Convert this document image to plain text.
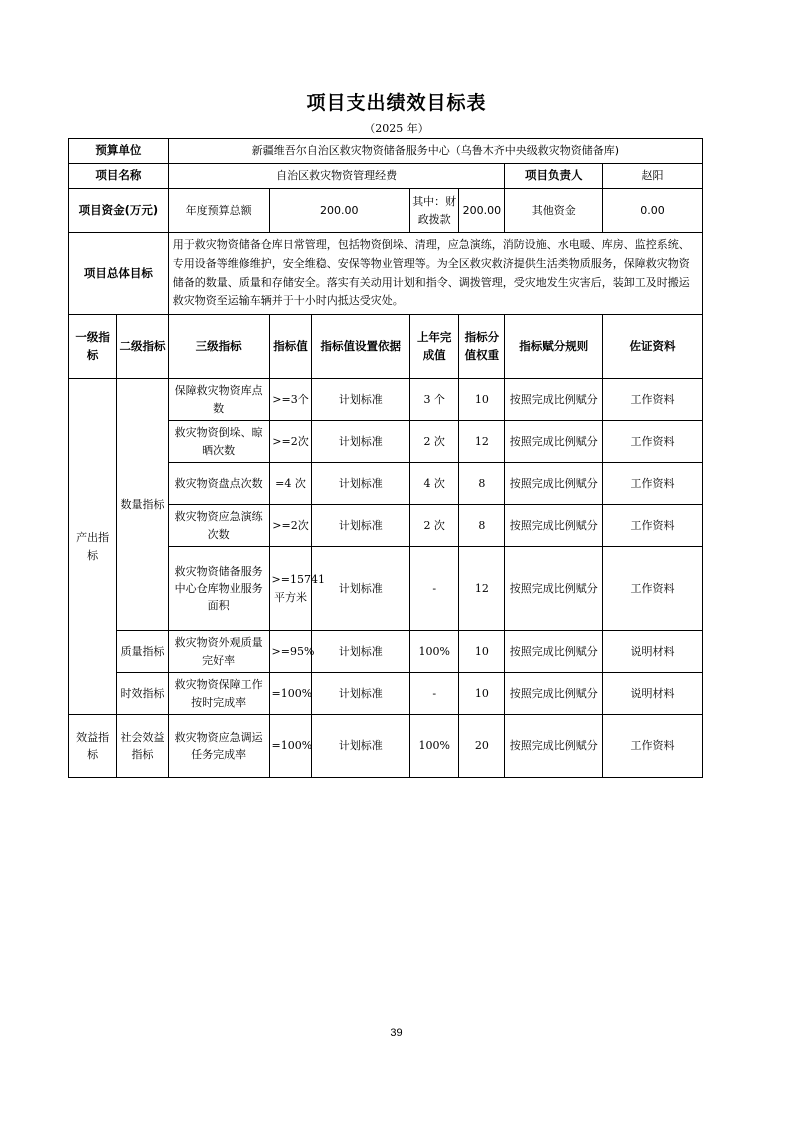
项目支出绩效目标表
（2025 年）
预算单位		新疆维吾尔自治区救灾物资储备服务中心（乌鲁木齐中央级救灾物资储备库)						
项目名称		自治区救灾物资管理经费					项目负责人	赵阳
项目资金(万元)		年度预算总额	200.00		其中：财政拨款	200.00	其他资金	0.00

项目总体目标		用于救灾物资储备仓库日常管理，包括物资倒垛、清理，应急演练，消防设施、水电暖、库房、监控系统、专用设备等维修维护，安全维稳、安保等物业管理等。为全区救灾救济提供生活类物质服务，保障救灾物资储备的数量、质量和存储安全。落实有关动用计划和指令、调拨管理，受灾地发生灾害后，装卸工及时搬运救灾物资至运输车辆并于十小时内抵达受灾处。						
一级指标	二级指标	三级指标	指标值	指标值设置依据	上年完成值	指标分值权重	指标赋分规则	佐证资料
产出指标	数量指标	保障救灾物资库点数	>=3个	计划标准	3 个	10	按照完成比例赋分	工作资料
		救灾物资倒垛、晾晒次数	>=2次	计划标准	2 次	12	按照完成比例赋分	工作资料
		救灾物资盘点次数	=4 次	计划标准	4 次	8	按照完成比例赋分	工作资料
		救灾物资应急演练次数	>=2次	计划标准	2 次	8	按照完成比例赋分	工作资料
		救灾物资储备服务中心仓库物业服务面积	>=15741平方米	计划标准	-	12	按照完成比例赋分	工作资料
	质量指标	救灾物资外观质量完好率	>=95%	计划标准	100%	10	按照完成比例赋分	说明材料
	时效指标	救灾物资保障工作按时完成率	=100%	计划标准	-	10	按照完成比例赋分	说明材料
效益指标	社会效益指标	救灾物资应急调运任务完成率	=100%	计划标准	100%	20	按照完成比例赋分	工作资料
39
